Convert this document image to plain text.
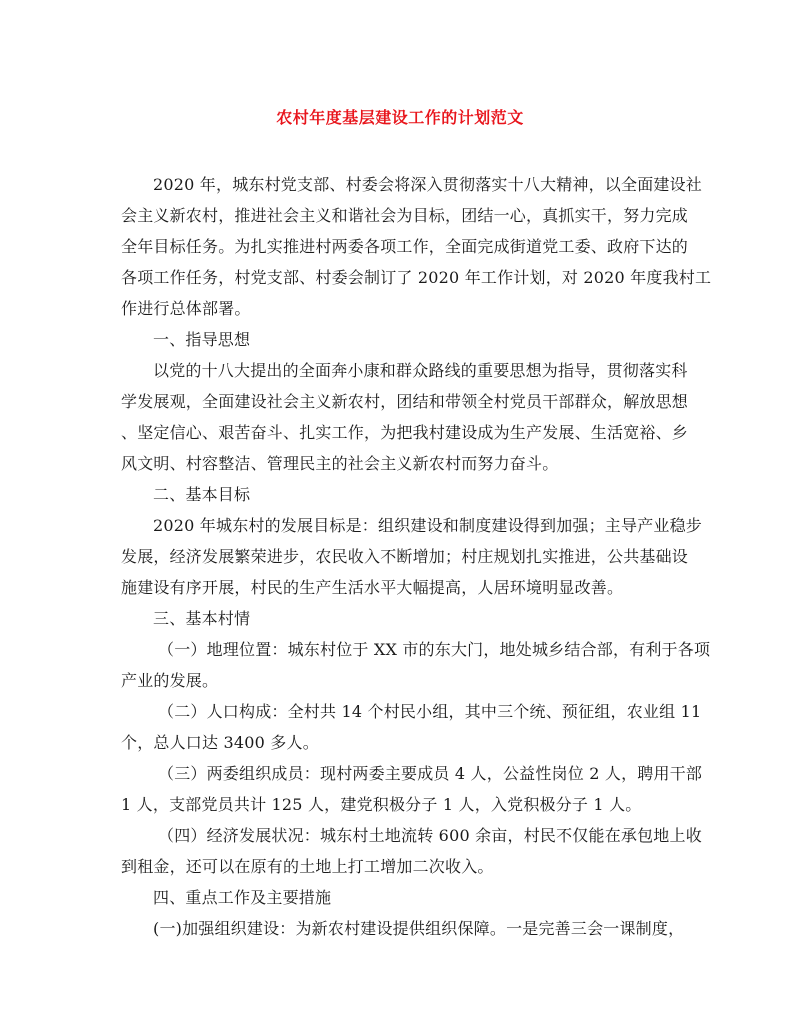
农村年度基层建设工作的计划范文
2020 年，城东村党支部、村委会将深入贯彻落实十八大精神，以全面建设社
会主义新农村，推进社会主义和谐社会为目标，团结一心，真抓实干，努力完成
全年目标任务。为扎实推进村两委各项工作，全面完成街道党工委、政府下达的
各项工作任务，村党支部、村委会制订了 2020 年工作计划，对 2020 年度我村工
作进行总体部署。
一、指导思想
以党的十八大提出的全面奔小康和群众路线的重要思想为指导，贯彻落实科
学发展观，全面建设社会主义新农村，团结和带领全村党员干部群众，解放思想
、坚定信心、艰苦奋斗、扎实工作，为把我村建设成为生产发展、生活宽裕、乡
风文明、村容整洁、管理民主的社会主义新农村而努力奋斗。
二、基本目标
2020 年城东村的发展目标是：组织建设和制度建设得到加强；主导产业稳步
发展，经济发展繁荣进步，农民收入不断增加；村庄规划扎实推进，公共基础设
施建设有序开展，村民的生产生活水平大幅提高，人居环境明显改善。
三、基本村情
（一）地理位置：城东村位于 XX 市的东大门，地处城乡结合部，有利于各项
产业的发展。
（二）人口构成：全村共 14 个村民小组，其中三个统、预征组，农业组 11
个，总人口达 3400 多人。
（三）两委组织成员：现村两委主要成员 4 人，公益性岗位 2 人，聘用干部
1 人，支部党员共计 125 人，建党积极分子 1 人，入党积极分子 1 人。
（四）经济发展状况：城东村土地流转 600 余亩，村民不仅能在承包地上收
到租金，还可以在原有的土地上打工增加二次收入。
四、重点工作及主要措施
(一)加强组织建设：为新农村建设提供组织保障。一是完善三会一课制度，
